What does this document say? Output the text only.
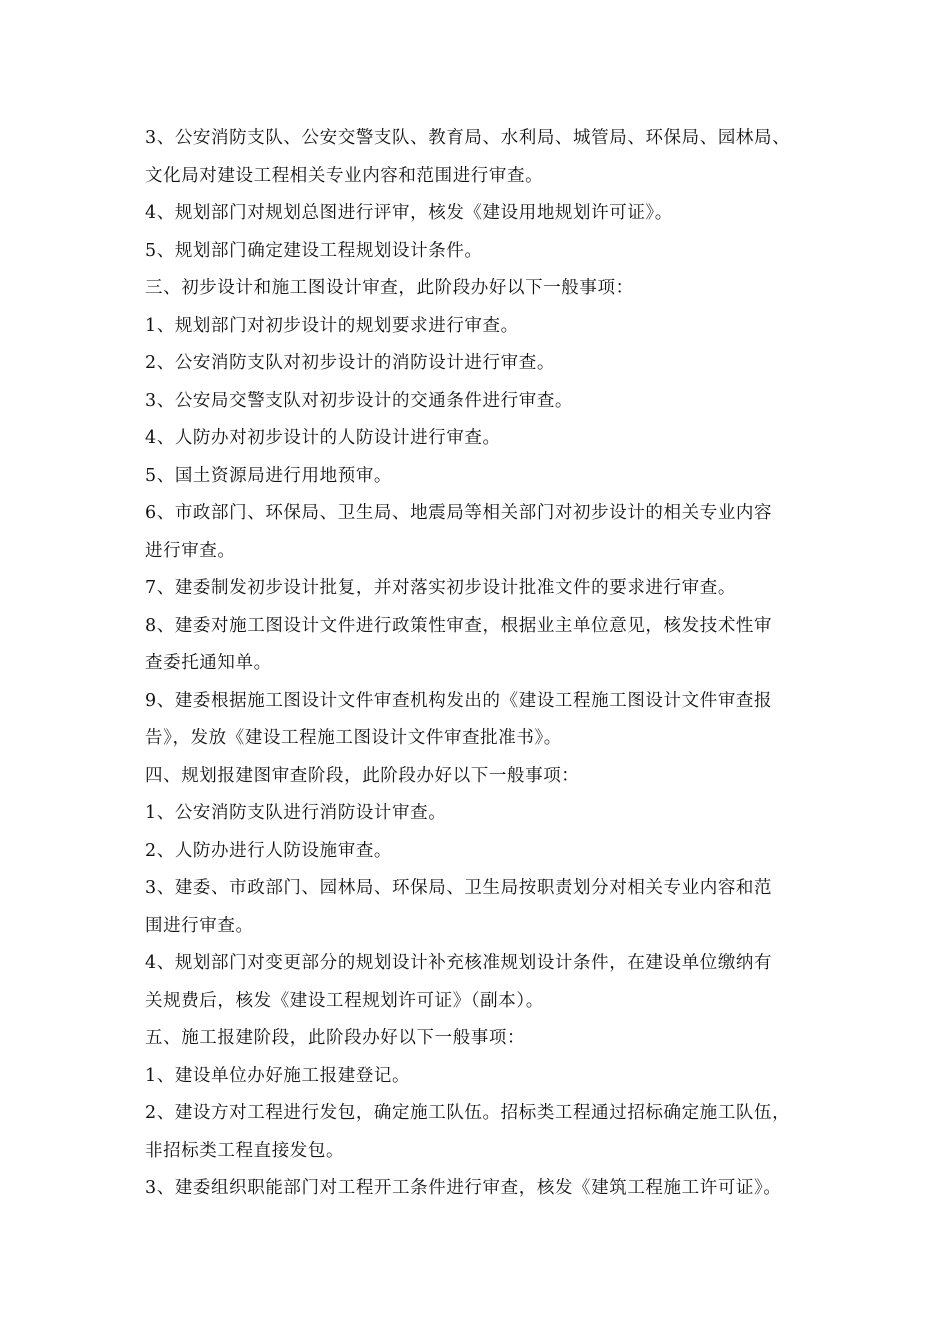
3、公安消防支队、公安交警支队、教育局、水利局、城管局、环保局、园林局、
文化局对建设工程相关专业内容和范围进行审查。
4、规划部门对规划总图进行评审，核发《建设用地规划许可证》。
5、规划部门确定建设工程规划设计条件。
三、初步设计和施工图设计审查，此阶段办好以下一般事项：
1、规划部门对初步设计的规划要求进行审查。
2、公安消防支队对初步设计的消防设计进行审查。
3、公安局交警支队对初步设计的交通条件进行审查。
4、人防办对初步设计的人防设计进行审查。
5、国土资源局进行用地预审。
6、市政部门、环保局、卫生局、地震局等相关部门对初步设计的相关专业内容
进行审查。
7、建委制发初步设计批复，并对落实初步设计批准文件的要求进行审查。
8、建委对施工图设计文件进行政策性审查，根据业主单位意见，核发技术性审
查委托通知单。
9、建委根据施工图设计文件审查机构发出的《建设工程施工图设计文件审查报
告》，发放《建设工程施工图设计文件审查批准书》。
四、规划报建图审查阶段，此阶段办好以下一般事项：
1、公安消防支队进行消防设计审查。
2、人防办进行人防设施审查。
3、建委、市政部门、园林局、环保局、卫生局按职责划分对相关专业内容和范
围进行审查。
4、规划部门对变更部分的规划设计补充核准规划设计条件，在建设单位缴纳有
关规费后，核发《建设工程规划许可证》（副本）。
五、施工报建阶段，此阶段办好以下一般事项：
1、建设单位办好施工报建登记。
2、建设方对工程进行发包，确定施工队伍。招标类工程通过招标确定施工队伍，
非招标类工程直接发包。
3、建委组织职能部门对工程开工条件进行审查，核发《建筑工程施工许可证》。
